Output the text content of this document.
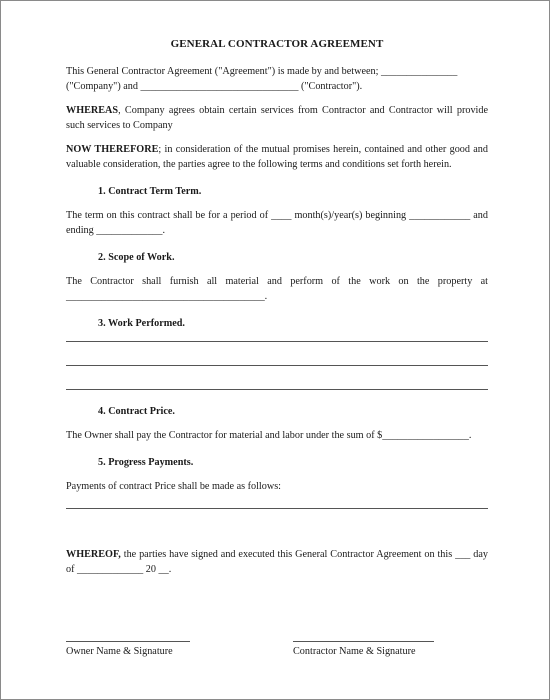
GENERAL CONTRACTOR AGREEMENT
This General Contractor Agreement ("Agreement") is made by and between; _______________
("Company") and _______________________________ ("Contractor").
WHEREAS, Company agrees obtain certain services from Contractor and Contractor will provide such services to Company
NOW THEREFORE; in consideration of the mutual promises herein, contained and other good and valuable consideration, the parties agree to the following terms and conditions set forth herein.
1. Contract Term Term.
The term on this contract shall be for a period of ____ month(s)/year(s) beginning ____________ and ending _____________.
2. Scope of Work.
The Contractor shall furnish all material and perform of the work on the property at _______________________________________.
3. Work Performed.
4. Contract Price.
The Owner shall pay the Contractor for material and labor under the sum of $_________________.
5. Progress Payments.
Payments of contract Price shall be made as follows:
WHEREOF, the parties have signed and executed this General Contractor Agreement on this ___ day of _____________ 20 __.
Owner Name & Signature	Contractor Name & Signature
